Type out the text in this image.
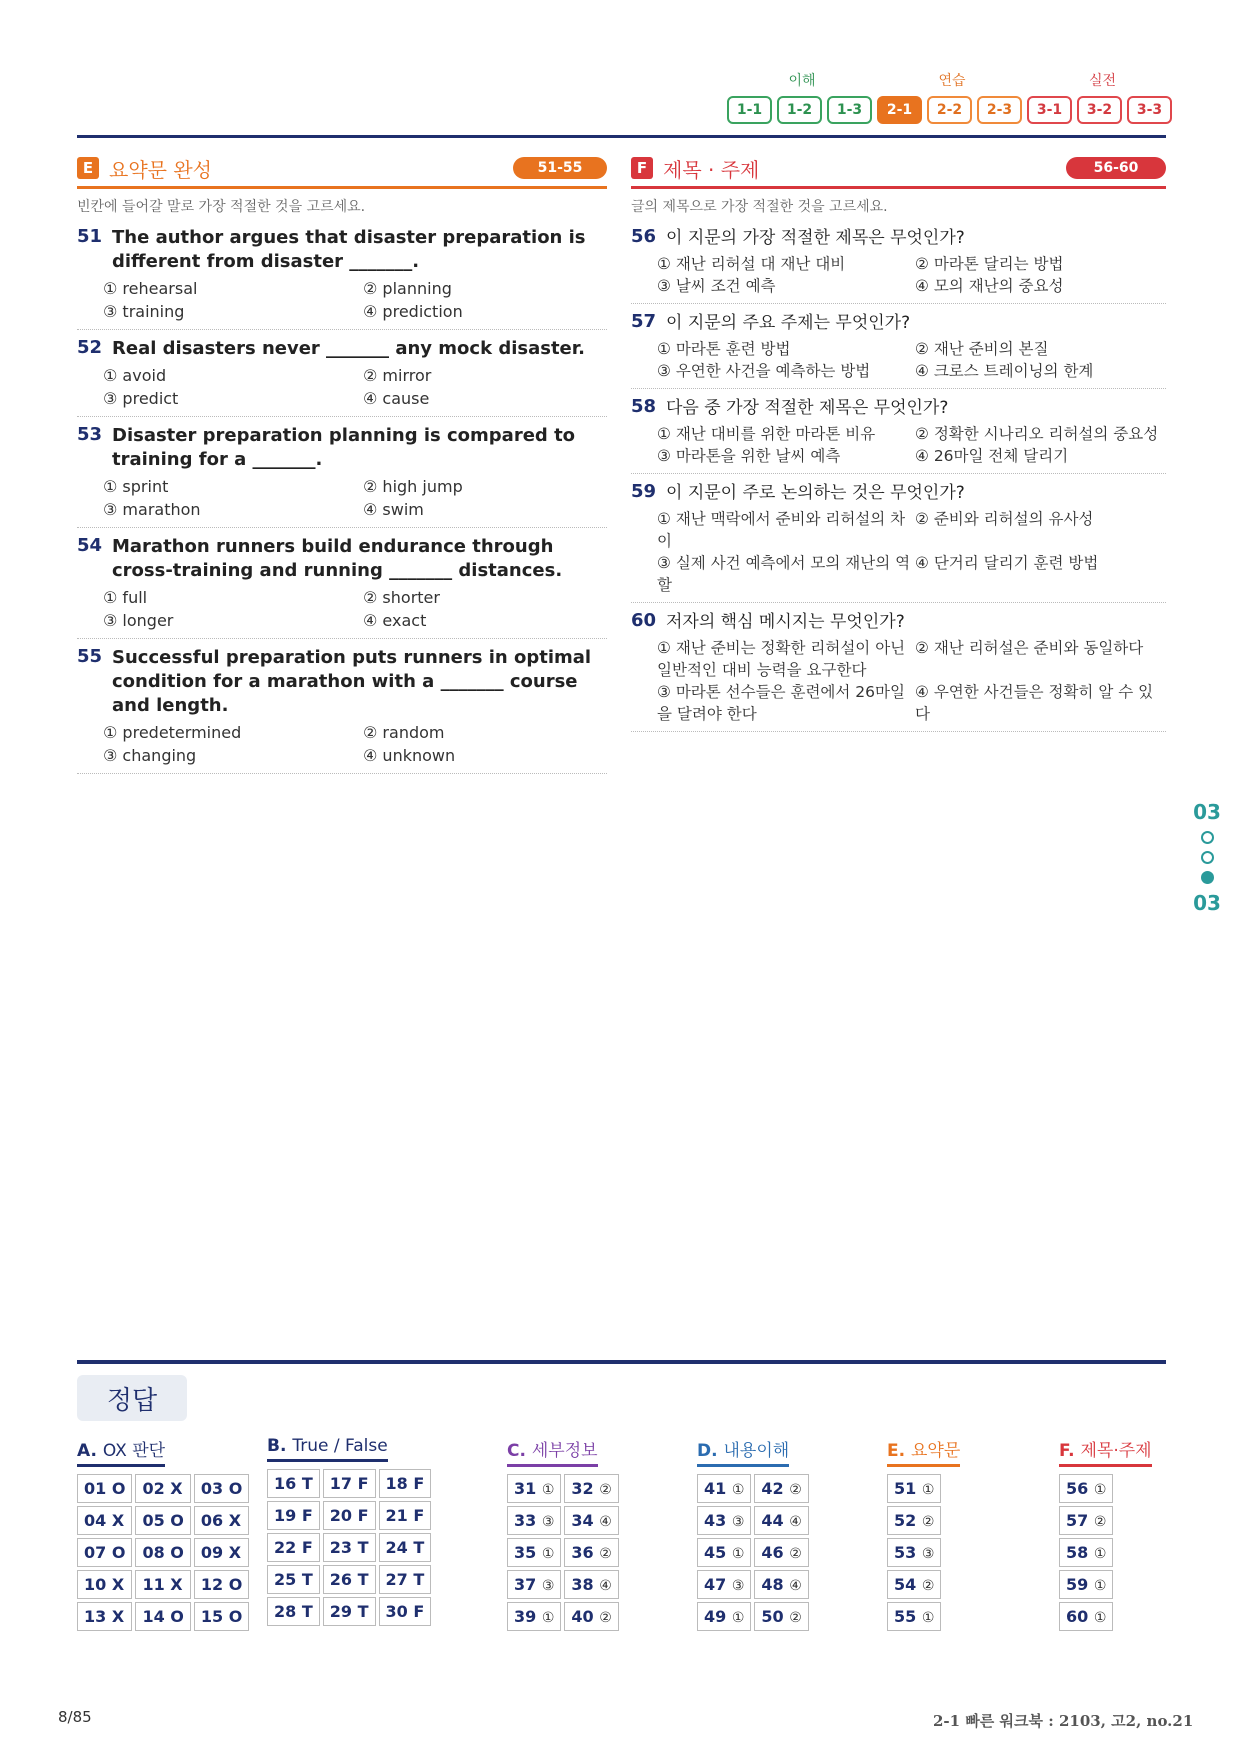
이해	연습	실전
1-1	1-2	1-3	2-1	2-2	2-3	3-1	3-2	3-3
E 요약문 완성	51-55
빈칸에 들어갈 말로 가장 적절한 것을 고르세요.
F 제목 · 주제	56-60
글의 제목으로 가장 적절한 것을 고르세요.
51 The author argues that disaster preparation is different from disaster _______.
① rehearsal	② planning
③ training	④ prediction
52 Real disasters never _______ any mock disaster.
① avoid	② mirror
③ predict	④ cause
53 Disaster preparation planning is compared to training for a _______.
① sprint	② high jump
③ marathon	④ swim
54 Marathon runners build endurance through cross-training and running _______ distances.
① full	② shorter
③ longer	④ exact
55 Successful preparation puts runners in optimal condition for a marathon with a _______ course and length.
① predetermined	② random
③ changing	④ unknown
56 이 지문의 가장 적절한 제목은 무엇인가?
① 재난 리허설 대 재난 대비	② 마라톤 달리는 방법
③ 날씨 조건 예측	④ 모의 재난의 중요성
57 이 지문의 주요 주제는 무엇인가?
① 마라톤 훈련 방법	② 재난 준비의 본질
③ 우연한 사건을 예측하는 방법	④ 크로스 트레이닝의 한계
58 다음 중 가장 적절한 제목은 무엇인가?
① 재난 대비를 위한 마라톤 비유	② 정확한 시나리오 리허설의 중요성
③ 마라톤을 위한 날씨 예측	④ 26마일 전체 달리기
59 이 지문이 주로 논의하는 것은 무엇인가?
① 재난 맥락에서 준비와 리허설의 차이
② 준비와 리허설의 유사성
③ 실제 사건 예측에서 모의 재난의 역할
④ 단거리 달리기 훈련 방법
60 저자의 핵심 메시지는 무엇인가?
① 재난 준비는 정확한 리허설이 아닌 일반적인 대비 능력을 요구한다
② 재난 리허설은 준비와 동일하다
③ 마라톤 선수들은 훈련에서 26마일을 달려야 한다
④ 우연한 사건들은 정확히 알 수 있다
03
03
정답
A. OX 판단
01 O	02 X	03 O
04 X	05 O	06 X
07 O	08 O	09 X
10 X	11 X	12 O
13 X	14 O	15 O
B. True / False
16 T	17 F	18 F
19 F	20 F	21 F
22 F	23 T	24 T
25 T	26 T	27 T
28 T	29 T	30 F
C. 세부정보
31 ①	32 ②
33 ③	34 ④
35 ①	36 ②
37 ③	38 ④
39 ①	40 ②
D. 내용이해
41 ①	42 ②
43 ③	44 ④
45 ①	46 ②
47 ③	48 ④
49 ①	50 ②
E. 요약문
51 ①
52 ②
53 ③
54 ②
55 ①
F. 제목·주제
56 ①
57 ②
58 ①
59 ①
60 ①
8/85	2-1 빠른 워크북 : 2103, 고2, no.21
